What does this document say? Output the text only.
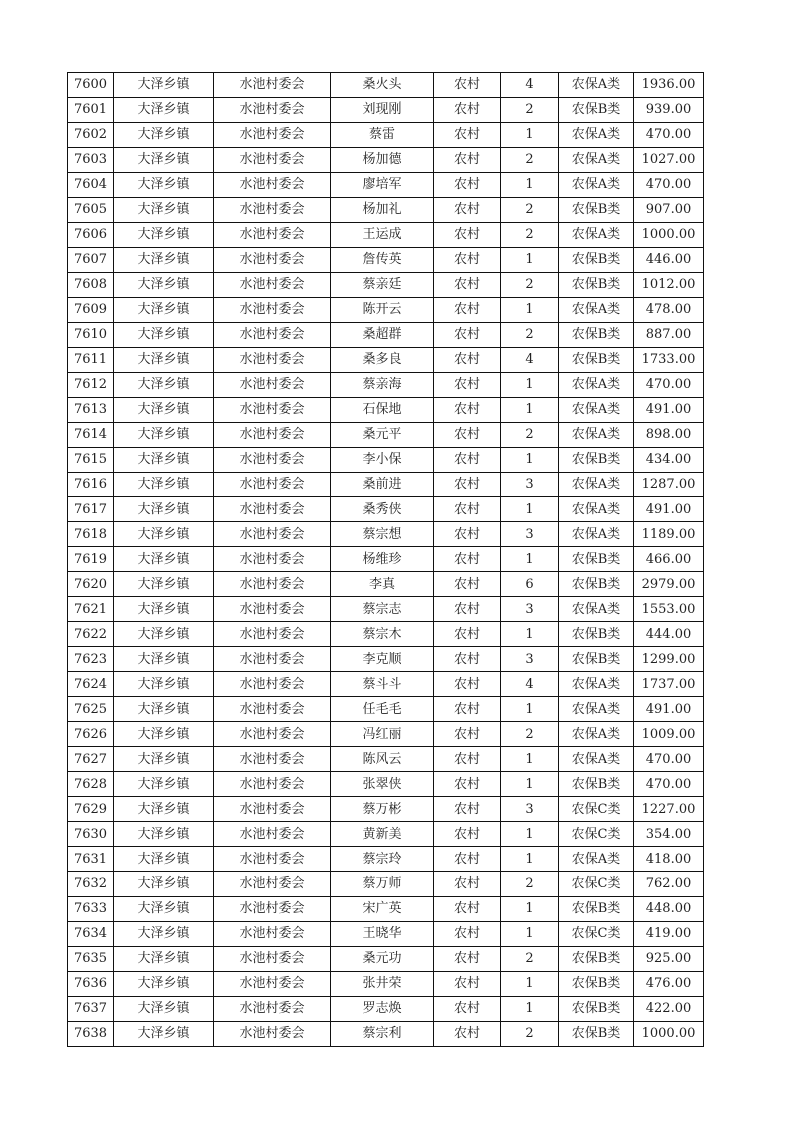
7600	大泽乡镇	水池村委会	桑火头	农村	4	农保A类	1936.00
7601	大泽乡镇	水池村委会	刘现刚	农村	2	农保B类	939.00
7602	大泽乡镇	水池村委会	蔡雷	农村	1	农保A类	470.00
7603	大泽乡镇	水池村委会	杨加德	农村	2	农保A类	1027.00
7604	大泽乡镇	水池村委会	廖培军	农村	1	农保A类	470.00
7605	大泽乡镇	水池村委会	杨加礼	农村	2	农保B类	907.00
7606	大泽乡镇	水池村委会	王运成	农村	2	农保A类	1000.00
7607	大泽乡镇	水池村委会	詹传英	农村	1	农保B类	446.00
7608	大泽乡镇	水池村委会	蔡亲廷	农村	2	农保B类	1012.00
7609	大泽乡镇	水池村委会	陈开云	农村	1	农保A类	478.00
7610	大泽乡镇	水池村委会	桑超群	农村	2	农保B类	887.00
7611	大泽乡镇	水池村委会	桑多良	农村	4	农保B类	1733.00
7612	大泽乡镇	水池村委会	蔡亲海	农村	1	农保A类	470.00
7613	大泽乡镇	水池村委会	石保地	农村	1	农保A类	491.00
7614	大泽乡镇	水池村委会	桑元平	农村	2	农保A类	898.00
7615	大泽乡镇	水池村委会	李小保	农村	1	农保B类	434.00
7616	大泽乡镇	水池村委会	桑前进	农村	3	农保A类	1287.00
7617	大泽乡镇	水池村委会	桑秀侠	农村	1	农保A类	491.00
7618	大泽乡镇	水池村委会	蔡宗想	农村	3	农保A类	1189.00
7619	大泽乡镇	水池村委会	杨维珍	农村	1	农保B类	466.00
7620	大泽乡镇	水池村委会	李真	农村	6	农保B类	2979.00
7621	大泽乡镇	水池村委会	蔡宗志	农村	3	农保A类	1553.00
7622	大泽乡镇	水池村委会	蔡宗木	农村	1	农保B类	444.00
7623	大泽乡镇	水池村委会	李克顺	农村	3	农保B类	1299.00
7624	大泽乡镇	水池村委会	蔡斗斗	农村	4	农保A类	1737.00
7625	大泽乡镇	水池村委会	任毛毛	农村	1	农保A类	491.00
7626	大泽乡镇	水池村委会	冯红丽	农村	2	农保A类	1009.00
7627	大泽乡镇	水池村委会	陈风云	农村	1	农保A类	470.00
7628	大泽乡镇	水池村委会	张翠侠	农村	1	农保B类	470.00
7629	大泽乡镇	水池村委会	蔡万彬	农村	3	农保C类	1227.00
7630	大泽乡镇	水池村委会	黄新美	农村	1	农保C类	354.00
7631	大泽乡镇	水池村委会	蔡宗玲	农村	1	农保A类	418.00
7632	大泽乡镇	水池村委会	蔡万师	农村	2	农保C类	762.00
7633	大泽乡镇	水池村委会	宋广英	农村	1	农保B类	448.00
7634	大泽乡镇	水池村委会	王晓华	农村	1	农保C类	419.00
7635	大泽乡镇	水池村委会	桑元功	农村	2	农保B类	925.00
7636	大泽乡镇	水池村委会	张井荣	农村	1	农保B类	476.00
7637	大泽乡镇	水池村委会	罗志焕	农村	1	农保B类	422.00
7638	大泽乡镇	水池村委会	蔡宗利	农村	2	农保B类	1000.00
